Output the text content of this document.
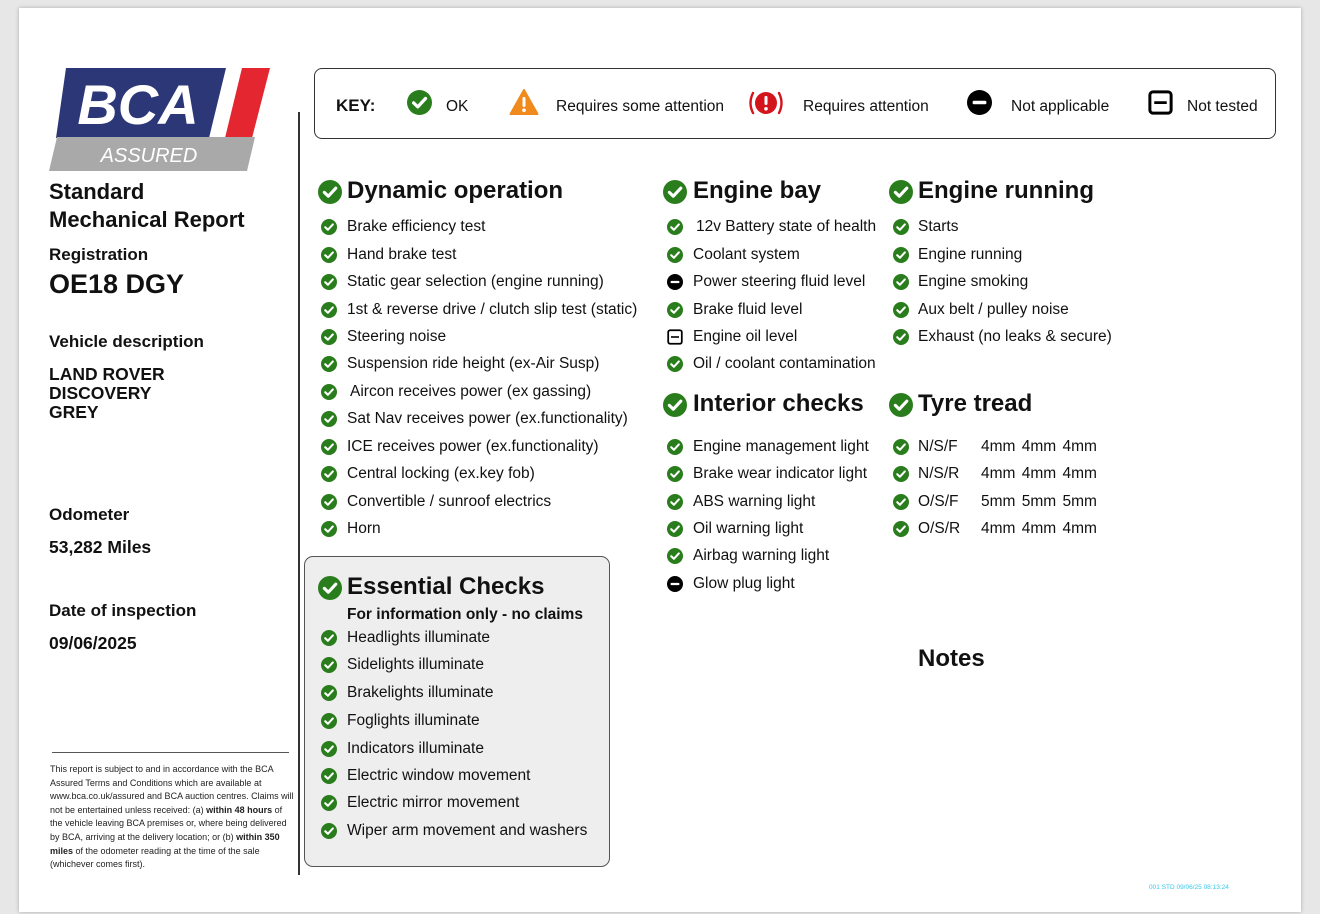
BCA
ASSURED
Standard
Mechanical Report
Registration
OE18 DGY
Vehicle description
LAND ROVER
DISCOVERY
GREY
Odometer
53,282 Miles
Date of inspection
09/06/2025
This report is subject to and in accordance with the BCA Assured Terms and Conditions which are available at www.bca.co.uk/assured and BCA auction centres. Claims will not be entertained unless received: (a) within 48 hours of the vehicle leaving BCA premises or, where being delivered by BCA, arriving at the delivery location; or (b) within 350 miles of the odometer reading at the time of the sale (whichever comes first).
KEY:	OK	Requires some attention	Requires attention	Not applicable	Not tested
Dynamic operation
Brake efficiency test
Hand brake test
Static gear selection (engine running)
1st & reverse drive / clutch slip test (static)
Steering noise
Suspension ride height (ex-Air Susp)
Aircon receives power (ex gassing)
Sat Nav receives power (ex.functionality)
ICE receives power (ex.functionality)
Central locking (ex.key fob)
Convertible / sunroof electrics
Horn
Engine bay
12v Battery state of health
Coolant system
Power steering fluid level
Brake fluid level
Engine oil level
Oil / coolant contamination
Engine running
Starts
Engine running
Engine smoking
Aux belt / pulley noise
Exhaust (no leaks & secure)
Interior checks
Engine management light
Brake wear indicator light
ABS warning light
Oil warning light
Airbag warning light
Glow plug light
Tyre tread
N/S/F 4mm 4mm 4mm
N/S/R 4mm 4mm 4mm
O/S/F 5mm 5mm 5mm
O/S/R 4mm 4mm 4mm
Essential Checks
For information only - no claims
Headlights illuminate
Sidelights illuminate
Brakelights illuminate
Foglights illuminate
Indicators illuminate
Electric window movement
Electric mirror movement
Wiper arm movement and washers
Notes
001 STD 09/06/25 08:13:24
